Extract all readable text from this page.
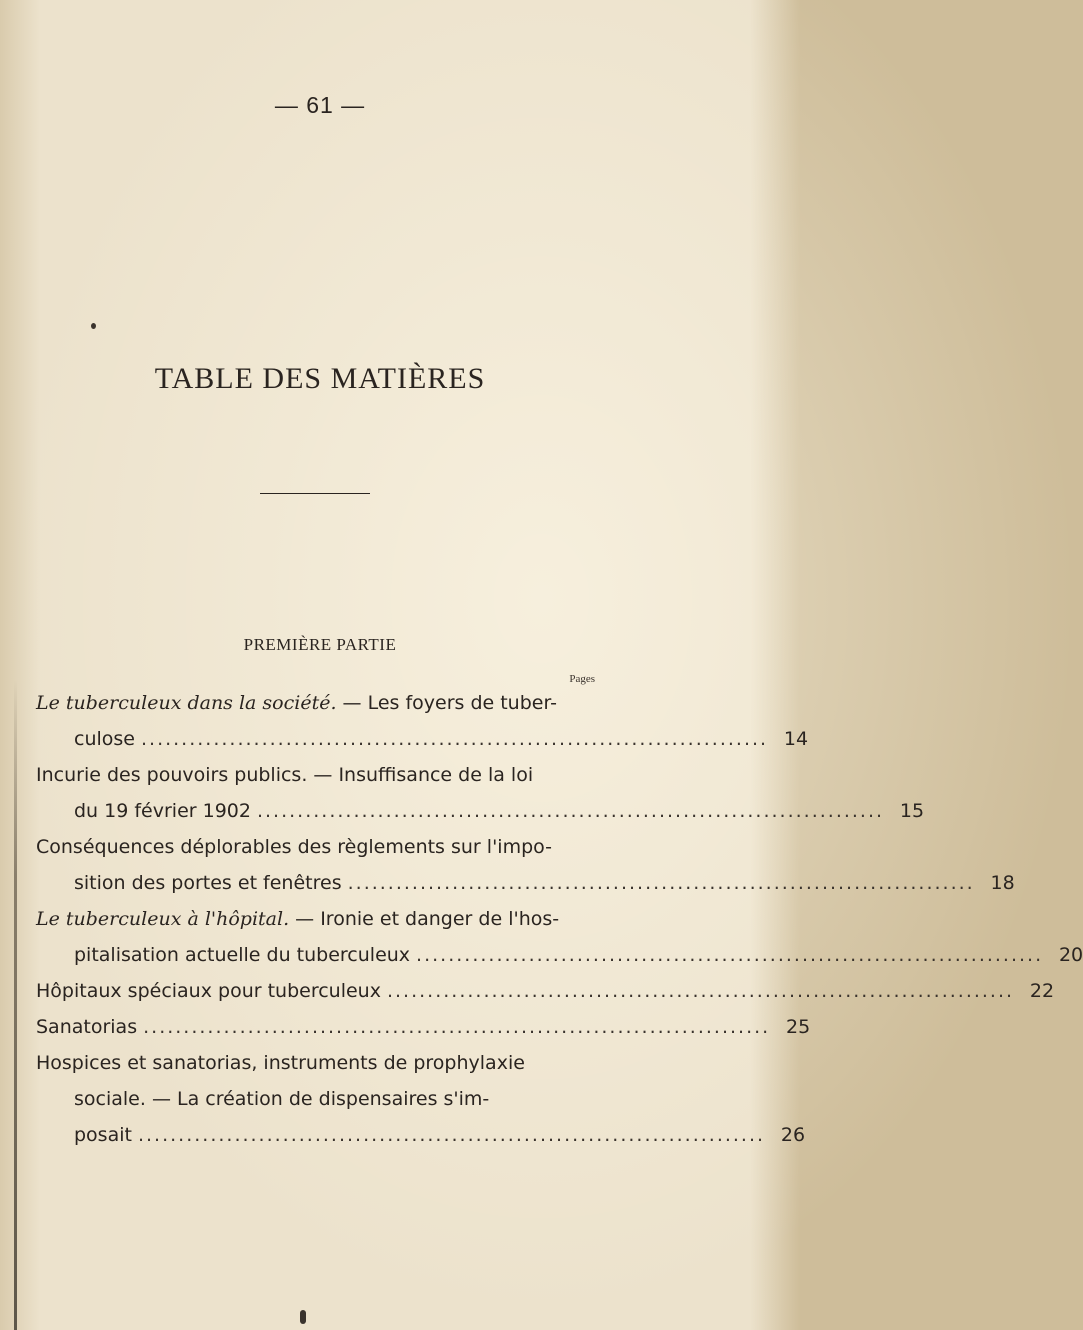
— 61 —
TABLE DES MATIÈRES
PREMIÈRE PARTIE
Pages
Le tuberculeux dans la société. — Les foyers de tuber-
culose .............................................................................. 14
Incurie des pouvoirs publics. — Insuffisance de la loi
du 19 février 1902 .............................................................................. 15
Conséquences déplorables des règlements sur l'impo-
sition des portes et fenêtres .............................................................................. 18
Le tuberculeux à l'hôpital. — Ironie et danger de l'hos-
pitalisation actuelle du tuberculeux .............................................................................. 20
Hôpitaux spéciaux pour tuberculeux .............................................................................. 22
Sanatorias .............................................................................. 25
Hospices et sanatorias, instruments de prophylaxie
sociale. — La création de dispensaires s'im-
posait .............................................................................. 26
